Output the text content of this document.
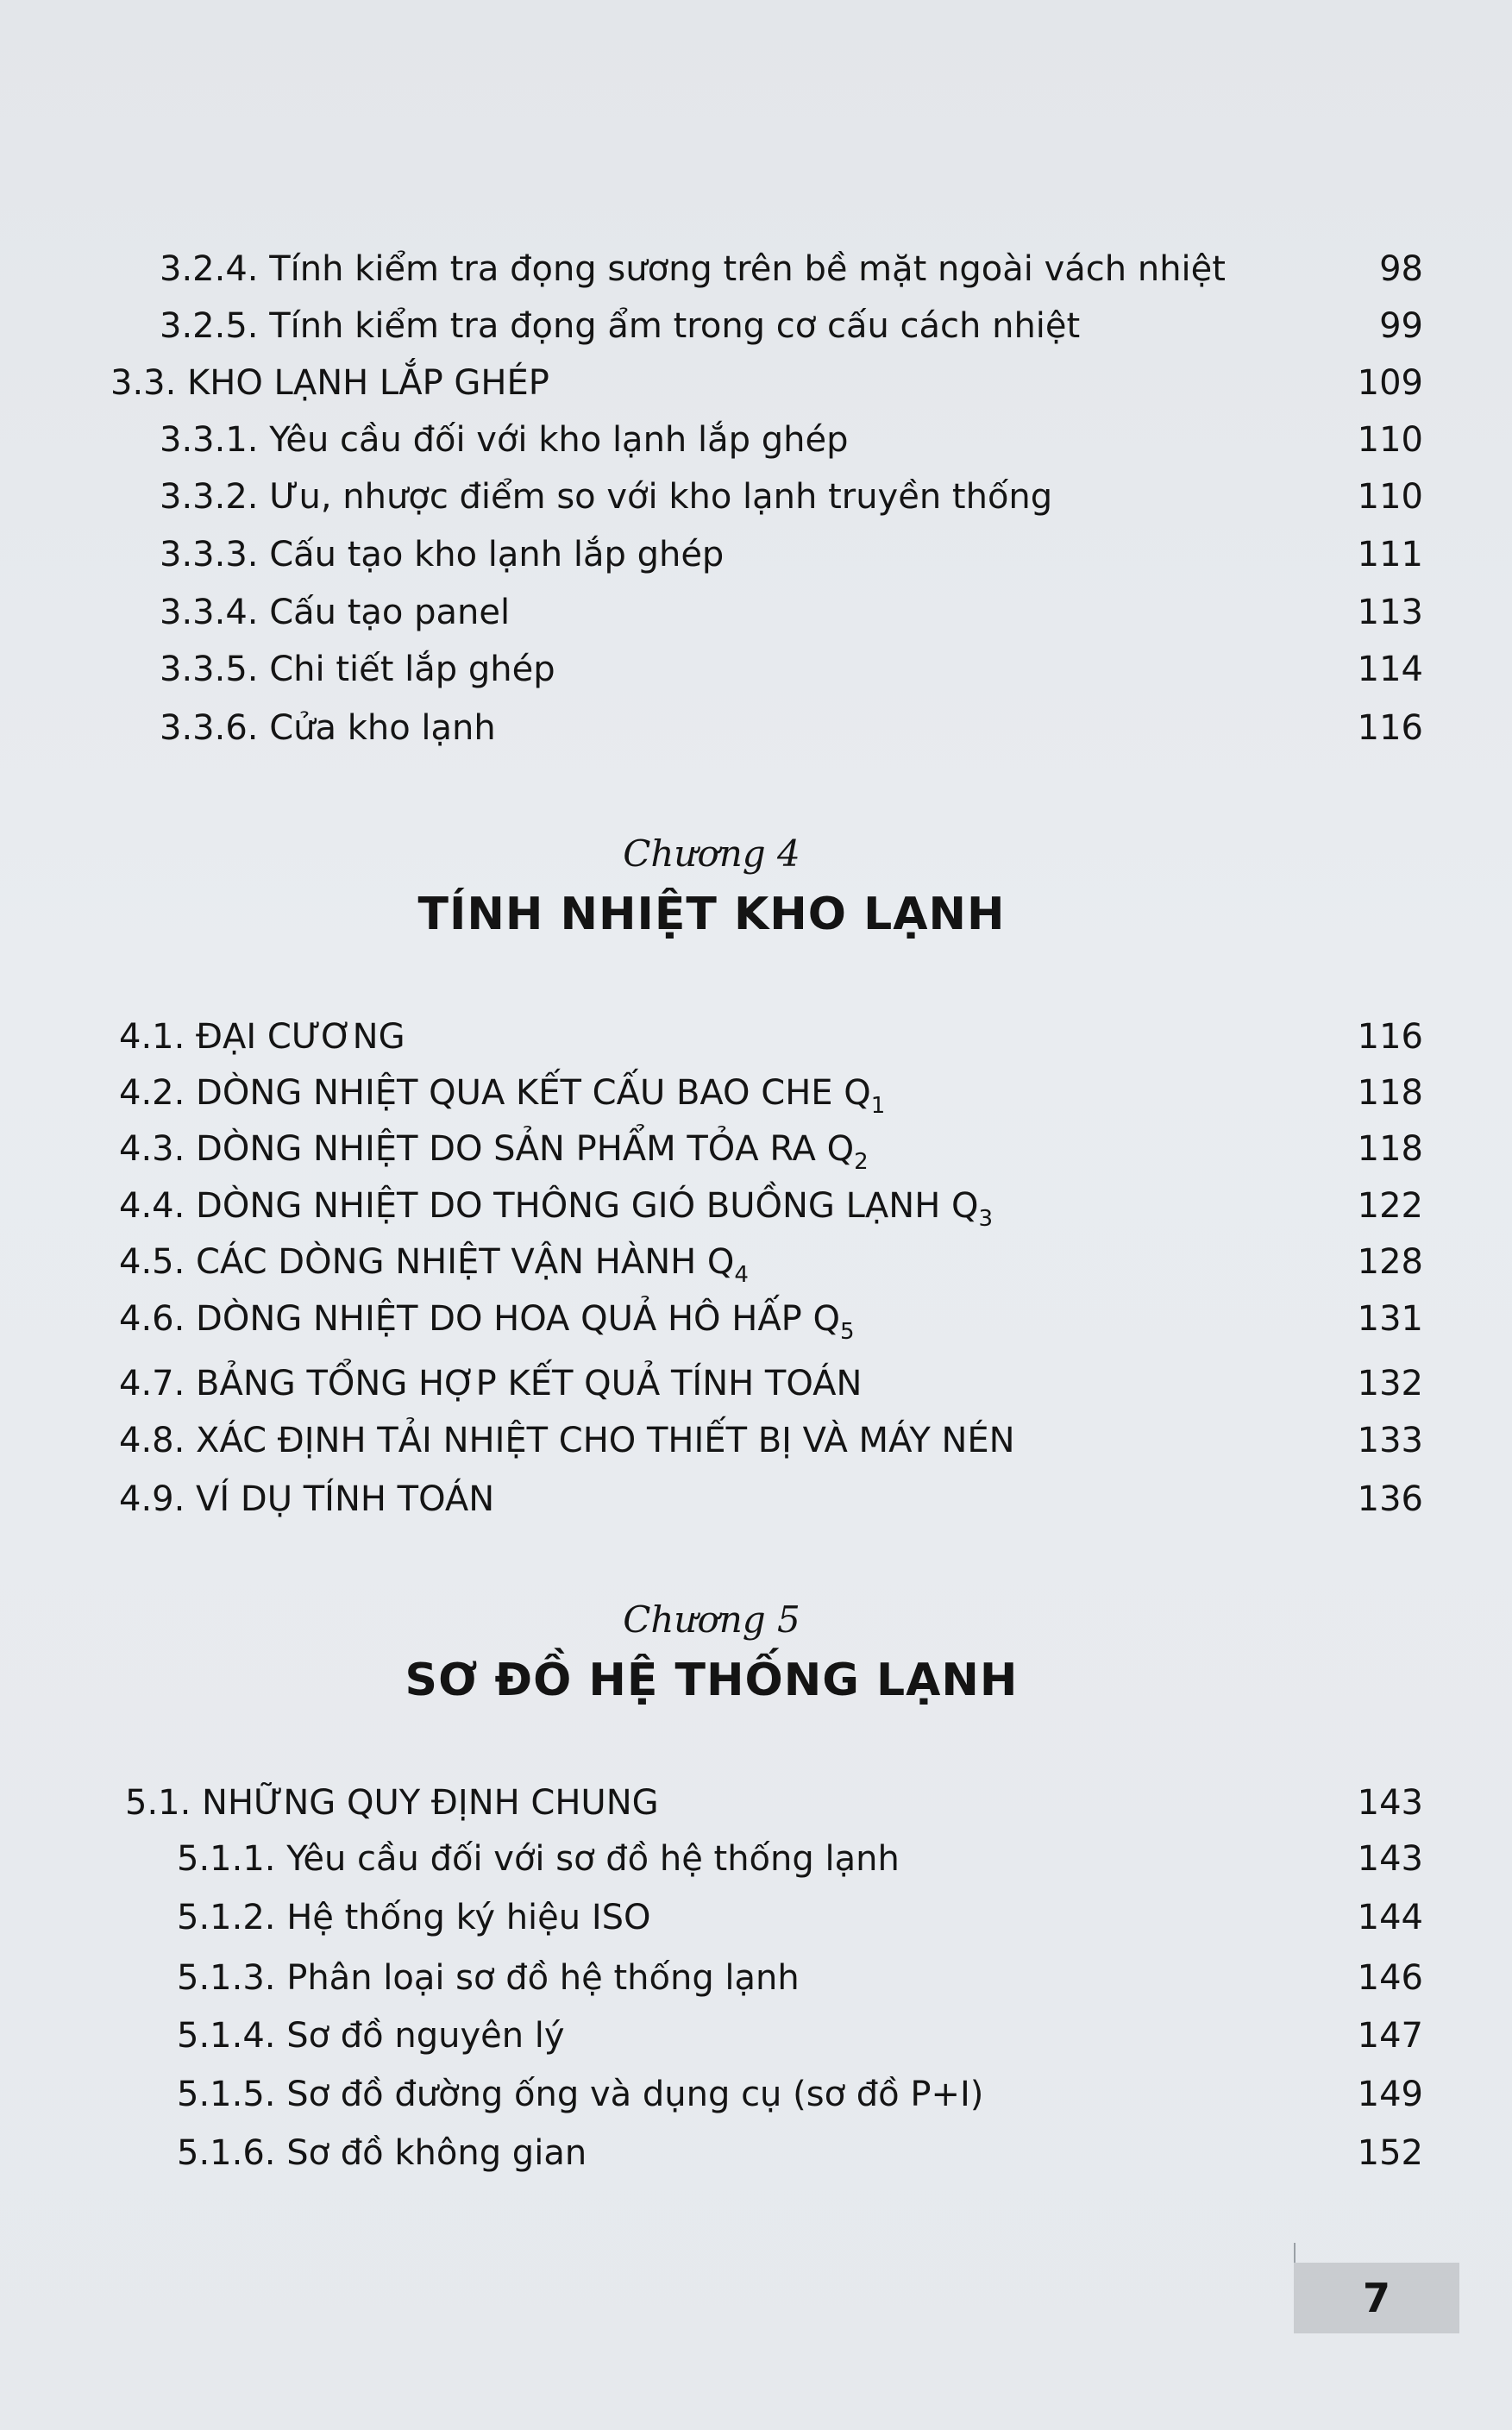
3.2.4. Tính kiểm tra đọng sương trên bề mặt ngoài vách nhiệt	98
3.2.5. Tính kiểm tra đọng ẩm trong cơ cấu cách nhiệt	99
3.3. KHO LẠNH LẮP GHÉP	109
3.3.1. Yêu cầu đối với kho lạnh lắp ghép	110
3.3.2. Ưu, nhược điểm so với kho lạnh truyền thống	110
3.3.3. Cấu tạo kho lạnh lắp ghép	111
3.3.4. Cấu tạo panel	113
3.3.5. Chi tiết lắp ghép	114
3.3.6. Cửa kho lạnh	116
Chương 4
TÍNH NHIỆT KHO LẠNH
4.1. ĐẠI CƯƠNG	116
4.2. DÒNG NHIỆT QUA KẾT CẤU BAO CHE $Q_1$	118
4.3. DÒNG NHIỆT DO SẢN PHẨM TỎA RA $Q_2$	118
4.4. DÒNG NHIỆT DO THÔNG GIÓ BUỒNG LẠNH $Q_3$	122
4.5. CÁC DÒNG NHIỆT VẬN HÀNH $Q_4$	128
4.6. DÒNG NHIỆT DO HOA QUẢ HÔ HẤP $Q_5$	131
4.7. BẢNG TỔNG HỢP KẾT QUẢ TÍNH TOÁN	132
4.8. XÁC ĐỊNH TẢI NHIỆT CHO THIẾT BỊ VÀ MÁY NÉN	133
4.9. VÍ DỤ TÍNH TOÁN	136
Chương 5
SƠ ĐỒ HỆ THỐNG LẠNH
5.1. NHỮNG QUY ĐỊNH CHUNG	143
5.1.1. Yêu cầu đối với sơ đồ hệ thống lạnh	143
5.1.2. Hệ thống ký hiệu ISO	144
5.1.3. Phân loại sơ đồ hệ thống lạnh	146
5.1.4. Sơ đồ nguyên lý	147
5.1.5. Sơ đồ đường ống và dụng cụ (sơ đồ P+I)	149
5.1.6. Sơ đồ không gian	152
7
